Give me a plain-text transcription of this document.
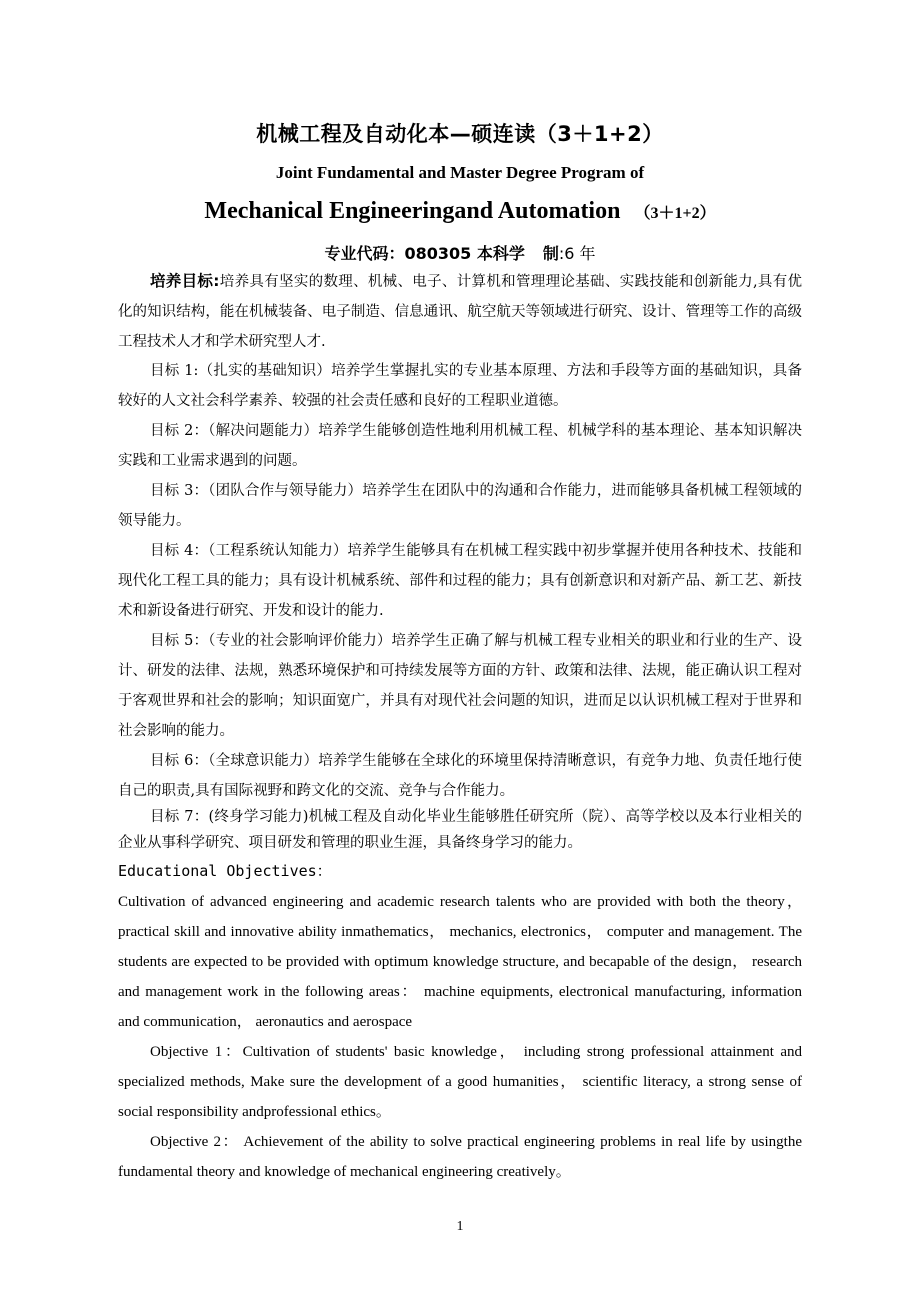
机械工程及自动化本—硕连读（3＋1+2）
Joint Fundamental and Master Degree Program of
Mechanical Engineeringand Automation （3＋1+2）
专业代码：080305 本科学 制:6 年
培养目标:培养具有坚实的数理、机械、电子、计算机和管理理论基础、实践技能和创新能力,具有优化的知识结构，能在机械装备、电子制造、信息通讯、航空航天等领域进行研究、设计、管理等工作的高级工程技术人才和学术研究型人才.
目标 1:（扎实的基础知识）培养学生掌握扎实的专业基本原理、方法和手段等方面的基础知识，具备较好的人文社会科学素养、较强的社会责任感和良好的工程职业道德。
目标 2：（解决问题能力）培养学生能够创造性地利用机械工程、机械学科的基本理论、基本知识解决实践和工业需求遇到的问题。
目标 3：（团队合作与领导能力）培养学生在团队中的沟通和合作能力，进而能够具备机械工程领域的领导能力。
目标 4：（工程系统认知能力）培养学生能够具有在机械工程实践中初步掌握并使用各种技术、技能和现代化工程工具的能力；具有设计机械系统、部件和过程的能力；具有创新意识和对新产品、新工艺、新技术和新设备进行研究、开发和设计的能力.
目标 5：（专业的社会影响评价能力）培养学生正确了解与机械工程专业相关的职业和行业的生产、设计、研发的法律、法规，熟悉环境保护和可持续发展等方面的方针、政策和法律、法规，能正确认识工程对于客观世界和社会的影响；知识面宽广，并具有对现代社会问题的知识，进而足以认识机械工程对于世界和社会影响的能力。
目标 6：（全球意识能力）培养学生能够在全球化的环境里保持清晰意识，有竞争力地、负责任地行使自己的职责,具有国际视野和跨文化的交流、竞争与合作能力。
目标 7：(终身学习能力)机械工程及自动化毕业生能够胜任研究所（院）、高等学校以及本行业相关的企业从事科学研究、项目研发和管理的职业生涯，具备终身学习的能力。
Educational Objectives：
Cultivation of advanced engineering and academic research talents who are provided with both the theory， practical skill and innovative ability inmathematics， mechanics, electronics， computer and management. The students are expected to be provided with optimum knowledge structure, and becapable of the design， research and management work in the following areas： machine equipments, electronical manufacturing, information and communication， aeronautics and aerospace
Objective 1：Cultivation of students' basic knowledge， including strong professional attainment and specialized methods, Make sure the development of a good humanities， scientific literacy, a strong sense of social responsibility andprofessional ethics。
Objective 2： Achievement of the ability to solve practical engineering problems in real life by usingthe fundamental theory and knowledge of mechanical engineering creatively。
1
